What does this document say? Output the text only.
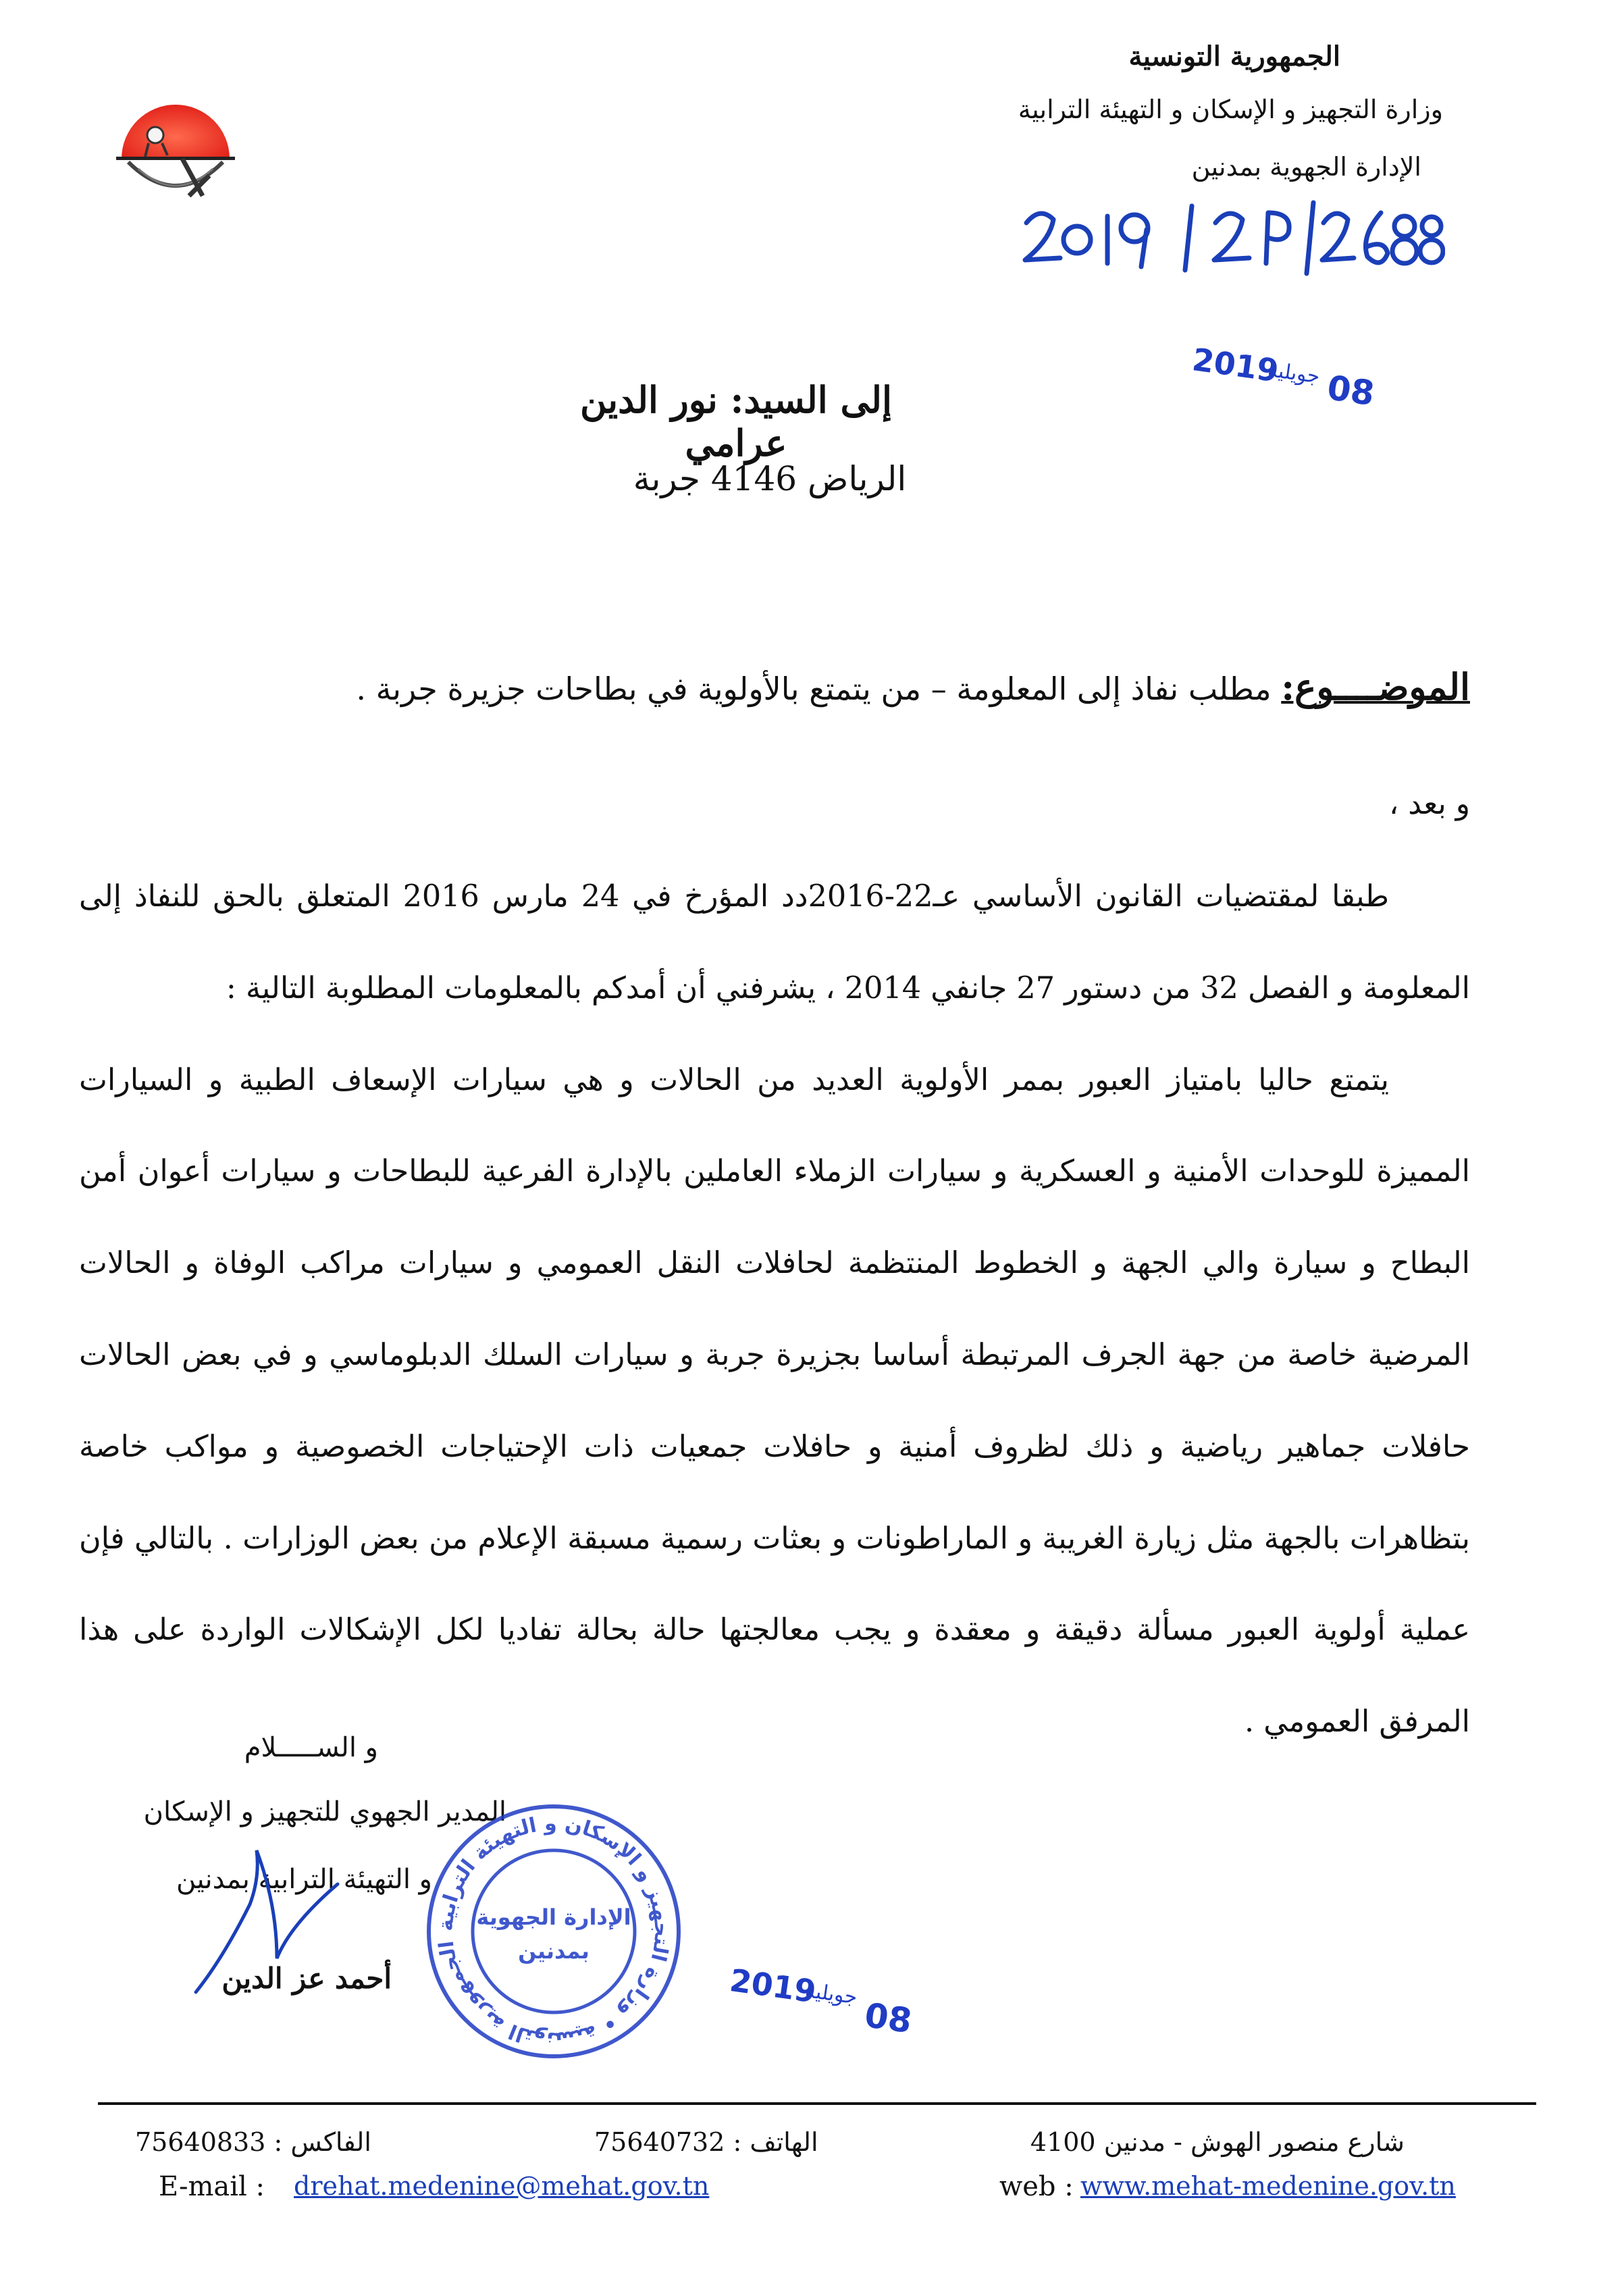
الجمهورية التونسية
وزارة التجهيز و الإسكان و التهيئة الترابية
الإدارة الجهوية بمدنين
إلى السيد: نور الدين عرامي
الرياض 4146 جربة
2019
جويلية 08
الموضــــوع: مطلب نفاذ إلى المعلومة – من يتمتع بالأولوية في بطاحات جزيرة جربة .
و بعد ،

طبقا لمقتضيات القانون الأساسي عـ22-2016دد المؤرخ في 24 مارس 2016 المتعلق بالحق للنفاذ إلى المعلومة و الفصل 32 من دستور 27 جانفي 2014 ، يشرفني أن أمدكم بالمعلومات المطلوبة التالية :

يتمتع حاليا بامتياز العبور بممر الأولوية العديد من الحالات و هي سيارات الإسعاف الطبية و السيارات المميزة للوحدات الأمنية و العسكرية و سيارات الزملاء العاملين بالإدارة الفرعية للبطاحات و سيارات أعوان أمن البطاح و سيارة والي الجهة و الخطوط المنتظمة لحافلات النقل العمومي و سيارات مراكب الوفاة و الحالات المرضية خاصة من جهة الجرف المرتبطة أساسا بجزيرة جربة و سيارات السلك الدبلوماسي و في بعض الحالات حافلات جماهير رياضية و ذلك لظروف أمنية و حافلات جمعيات ذات الإحتياجات الخصوصية و مواكب خاصة بتظاهرات بالجهة مثل زيارة الغريبة و الماراطونات و بعثات رسمية مسبقة الإعلام من بعض الوزارات . بالتالي فإن عملية أولوية العبور مسألة دقيقة و معقدة و يجب معالجتها حالة بحالة تفاديا لكل الإشكالات الواردة على هذا المرفق العمومي .

و الســـــلام
المدير الجهوي للتجهيز و الإسكان
و التهيئة الترابية بمدنين
أحمد عز الدين
الجمهورية التونسية • وزارة التجهيز و الإسكان و التهيئة الترابية
الإدارة الجهوية
بمدنين
2019
جويلية
08
الفاكس : 75640833	الهاتف : 75640732	شارع منصور الهوش - مدنين 4100
E-mail : drehat.medenine@mehat.gov.tn	web : www.mehat-medenine.gov.tn
